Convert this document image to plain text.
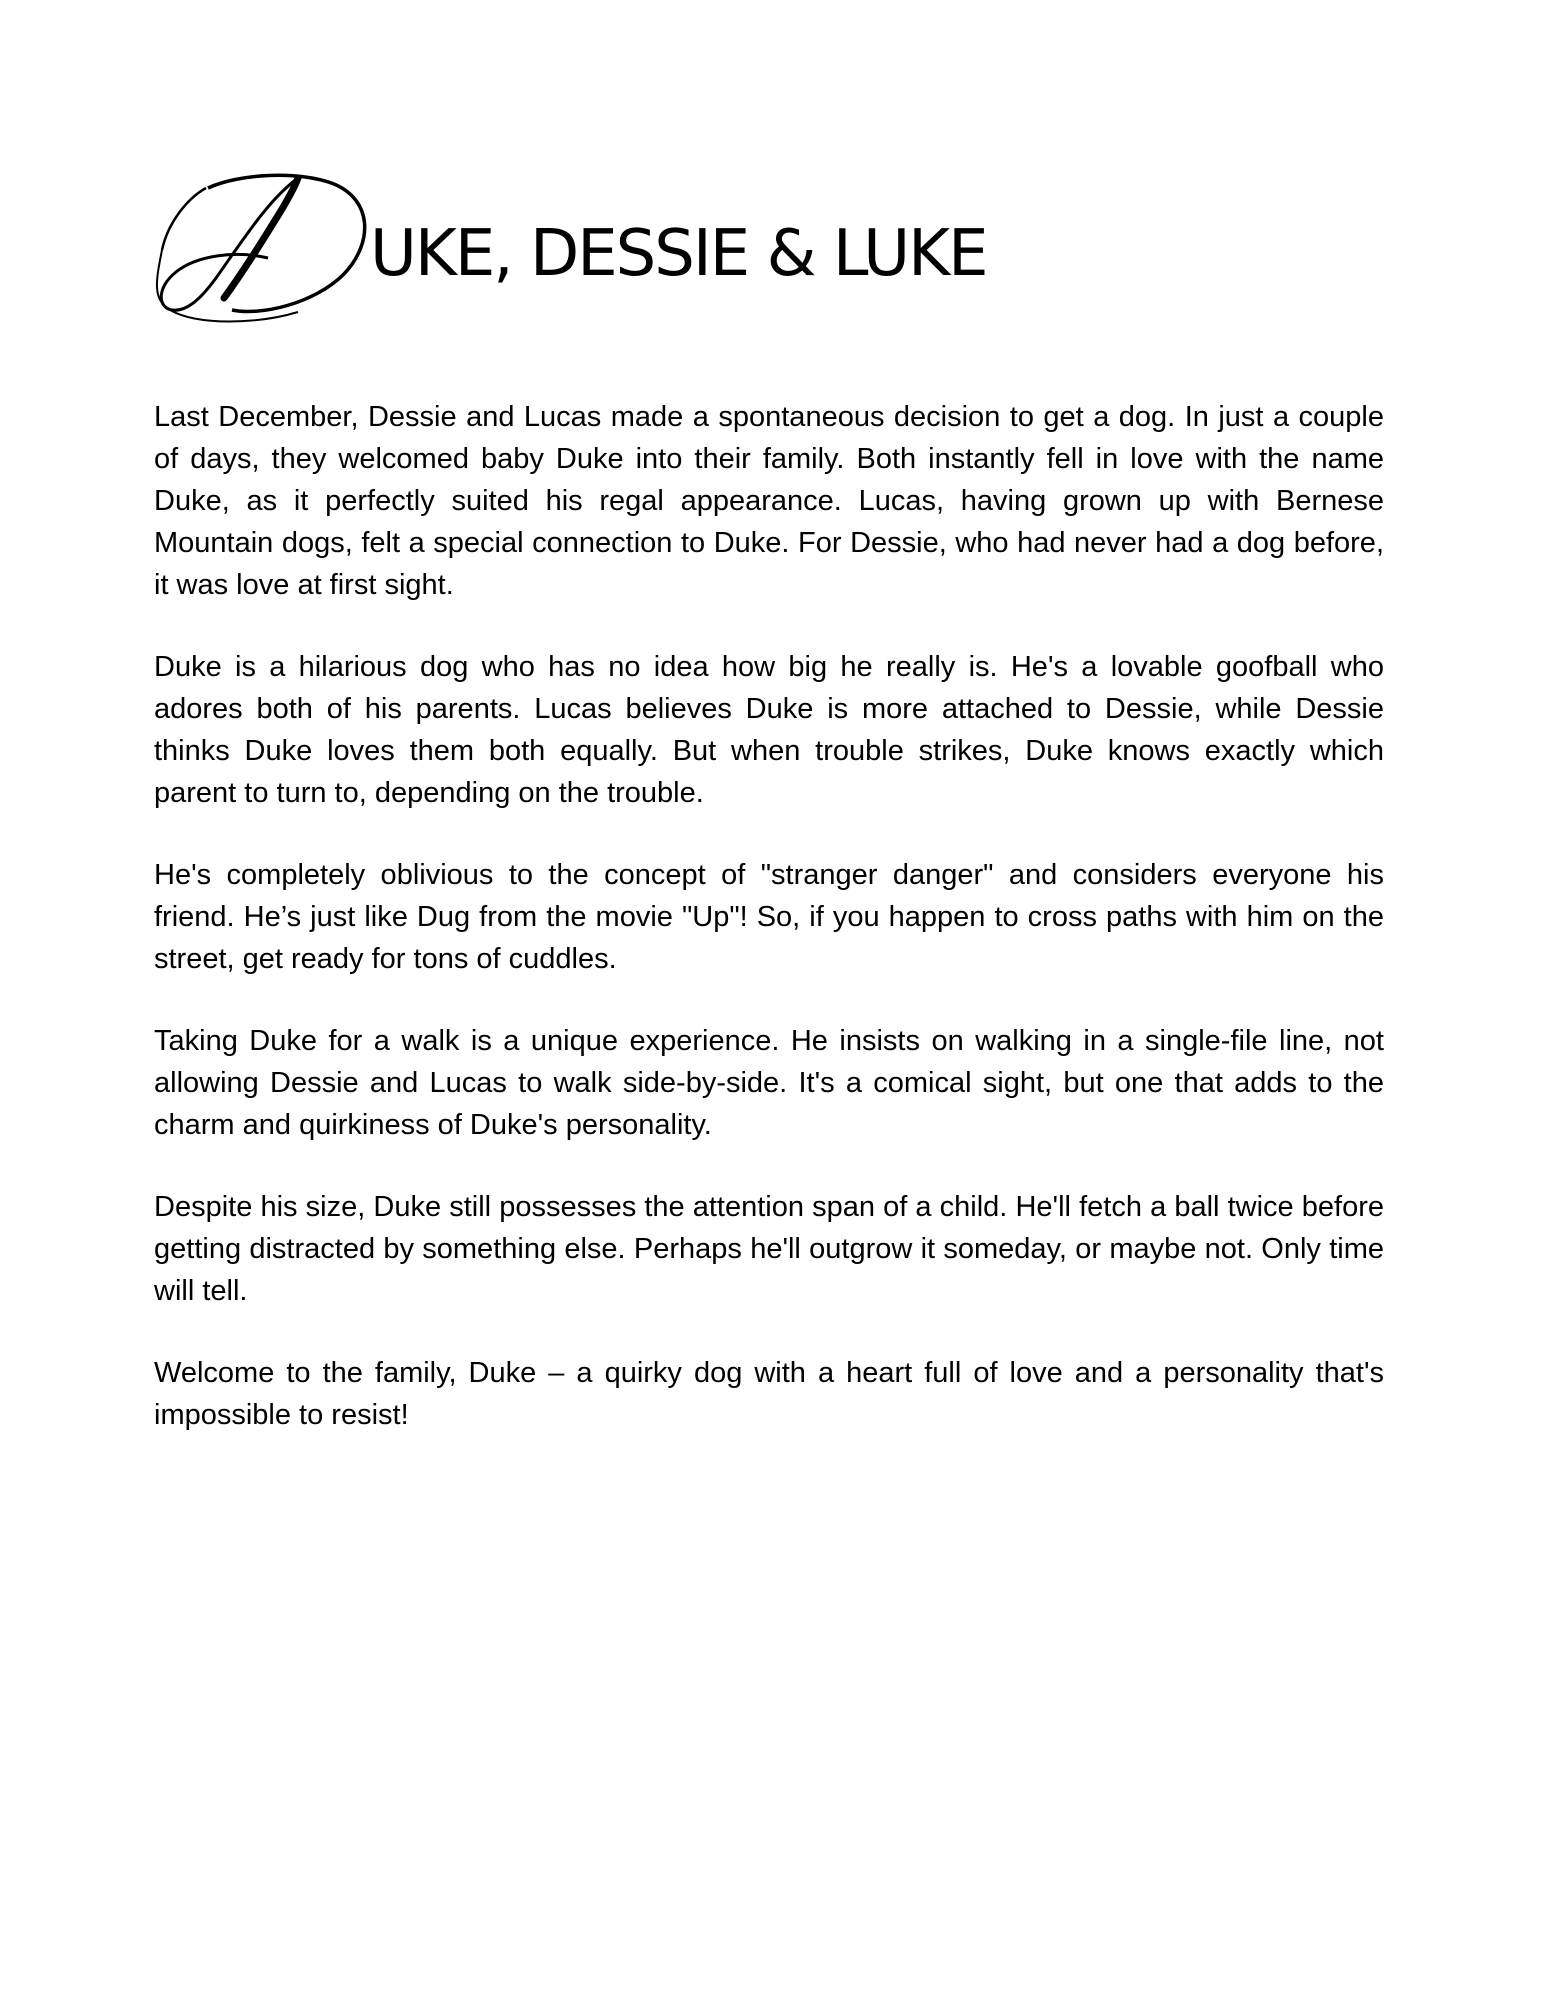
UKE, DESSIE & LUKE

Last December, Dessie and Lucas made a spontaneous decision to get a dog. In just a couple of days, they welcomed baby Duke into their family. Both instantly fell in love with the name Duke, as it perfectly suited his regal appearance. Lucas, having grown up with Bernese Mountain dogs, felt a special connection to Duke. For Dessie, who had never had a dog before, it was love at first sight.

Duke is a hilarious dog who has no idea how big he really is. He's a lovable goofball who adores both of his parents. Lucas believes Duke is more attached to Dessie, while Dessie thinks Duke loves them both equally. But when trouble strikes, Duke knows exactly which parent to turn to, depending on the trouble.

He's completely oblivious to the concept of "stranger danger" and considers everyone his friend. He’s just like Dug from the movie "Up"! So, if you happen to cross paths with him on the street, get ready for tons of cuddles.

Taking Duke for a walk is a unique experience. He insists on walking in a single-file line, not allowing Dessie and Lucas to walk side-by-side. It's a comical sight, but one that adds to the charm and quirkiness of Duke's personality.

Despite his size, Duke still possesses the attention span of a child. He'll fetch a ball twice before getting distracted by something else. Perhaps he'll outgrow it someday, or maybe not. Only time will tell.

Welcome to the family, Duke – a quirky dog with a heart full of love and a personality that's impossible to resist!
